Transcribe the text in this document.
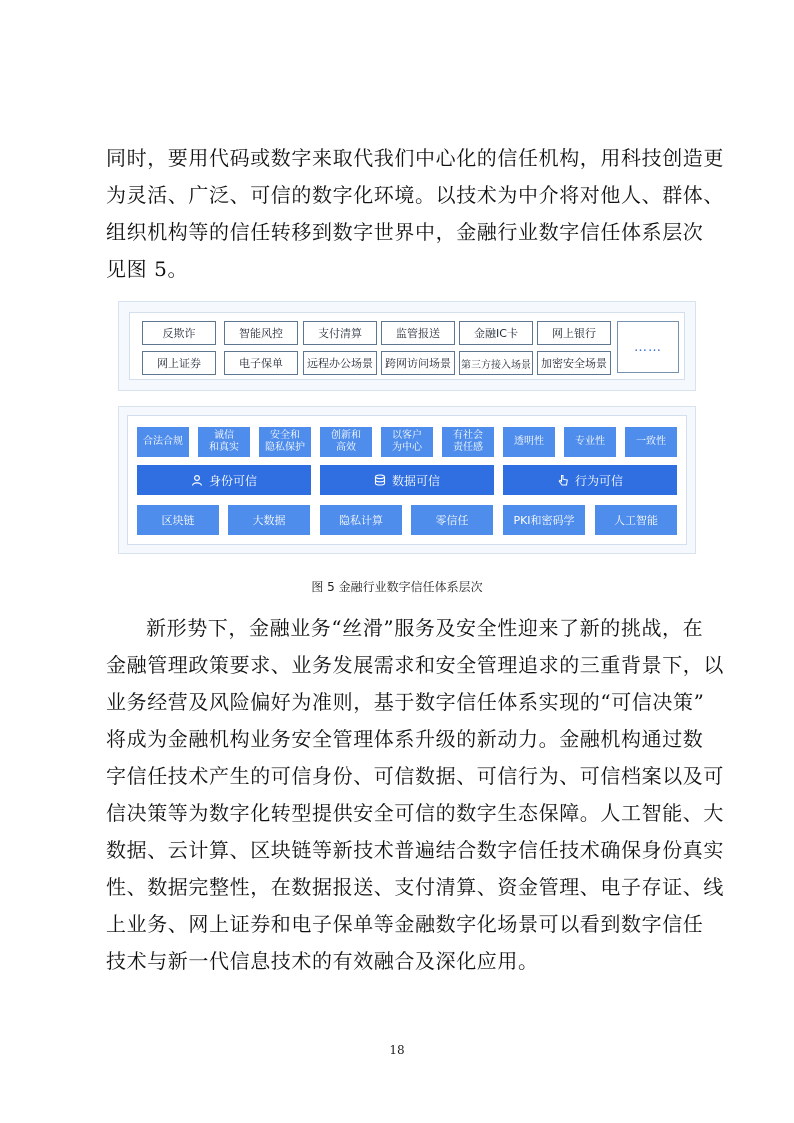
同时，要用代码或数字来取代我们中心化的信任机构，用科技创造更
为灵活、广泛、可信的数字化环境。以技术为中介将对他人、群体、
组织机构等的信任转移到数字世界中，金融行业数字信任体系层次
见图 5。
反欺诈	智能风控	支付清算	监管报送	金融IC卡	网上银行
网上证券	电子保单	远程办公场景	跨网访问场景	第三方接入场景 加密安全场景
……
合法合规
诚信
和真实
安全和
隐私保护
创新和
高效
以客户
为中心
有社会
责任感
透明性	专业性	一致性
身份可信	数据可信	行为可信
区块链	大数据	隐私计算	零信任	PKI和密码学	人工智能
图 5 金融行业数字信任体系层次
新形势下，金融业务“丝滑”服务及安全性迎来了新的挑战，在
金融管理政策要求、业务发展需求和安全管理追求的三重背景下，以
业务经营及风险偏好为准则，基于数字信任体系实现的“可信决策”
将成为金融机构业务安全管理体系升级的新动力。金融机构通过数
字信任技术产生的可信身份、可信数据、可信行为、可信档案以及可
信决策等为数字化转型提供安全可信的数字生态保障。人工智能、大
数据、云计算、区块链等新技术普遍结合数字信任技术确保身份真实
性、数据完整性，在数据报送、支付清算、资金管理、电子存证、线
上业务、网上证券和电子保单等金融数字化场景可以看到数字信任
技术与新一代信息技术的有效融合及深化应用。
18
